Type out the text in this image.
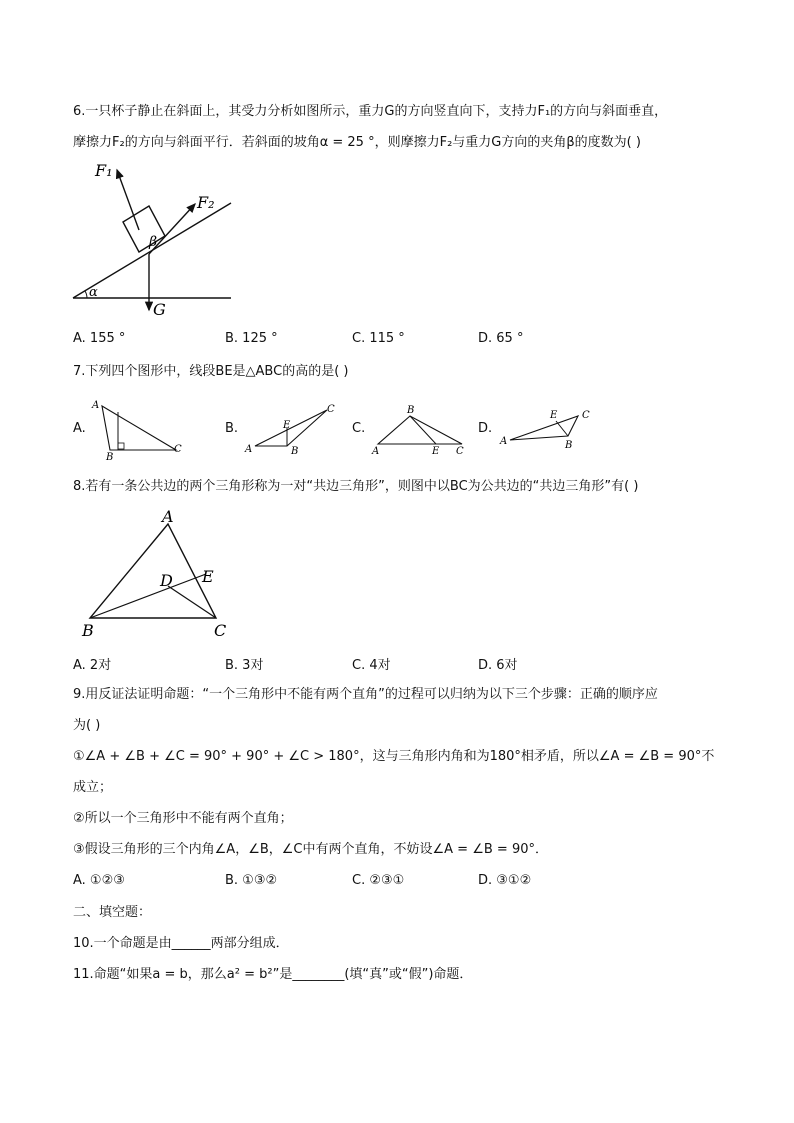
6.一只杯子静止在斜面上，其受力分析如图所示，重力G的方向竖直向下，支持力F₁的方向与斜面垂直，
摩擦力F₂的方向与斜面平行．若斜面的坡角α = 25 °，则摩擦力F₂与重力G方向的夹角β的度数为( )
F₁
F₂
β
α
G
A. 155 °	B. 125 °	C. 115 °	D. 65 °
7.下列四个图形中，线段BE是△ABC的高的是( )
A.
A
B
C
B.
A	B
C
E	C.
A
B
C
E
D.
A	B
C
E
8.若有一条公共边的两个三角形称为一对“共边三角形”，则图中以BC为公共边的“共边三角形”有( )
A
B	C
D E
A. 2对	B. 3对	C. 4对	D. 6对
9.用反证法证明命题：“一个三角形中不能有两个直角”的过程可以归纳为以下三个步骤：正确的顺序应
为( )
①∠A + ∠B + ∠C = 90° + 90° + ∠C > 180°，这与三角形内角和为180°相矛盾，所以∠A = ∠B = 90°不
成立；
②所以一个三角形中不能有两个直角；
③假设三角形的三个内角∠A，∠B，∠C中有两个直角，不妨设∠A = ∠B = 90°．
A. ①②③	B. ①③②	C. ②③①	D. ③①②
二、填空题：
10.一个命题是由______两部分组成．
11.命题“如果a = b，那么a² = b²”是________(填“真”或“假”)命题．
